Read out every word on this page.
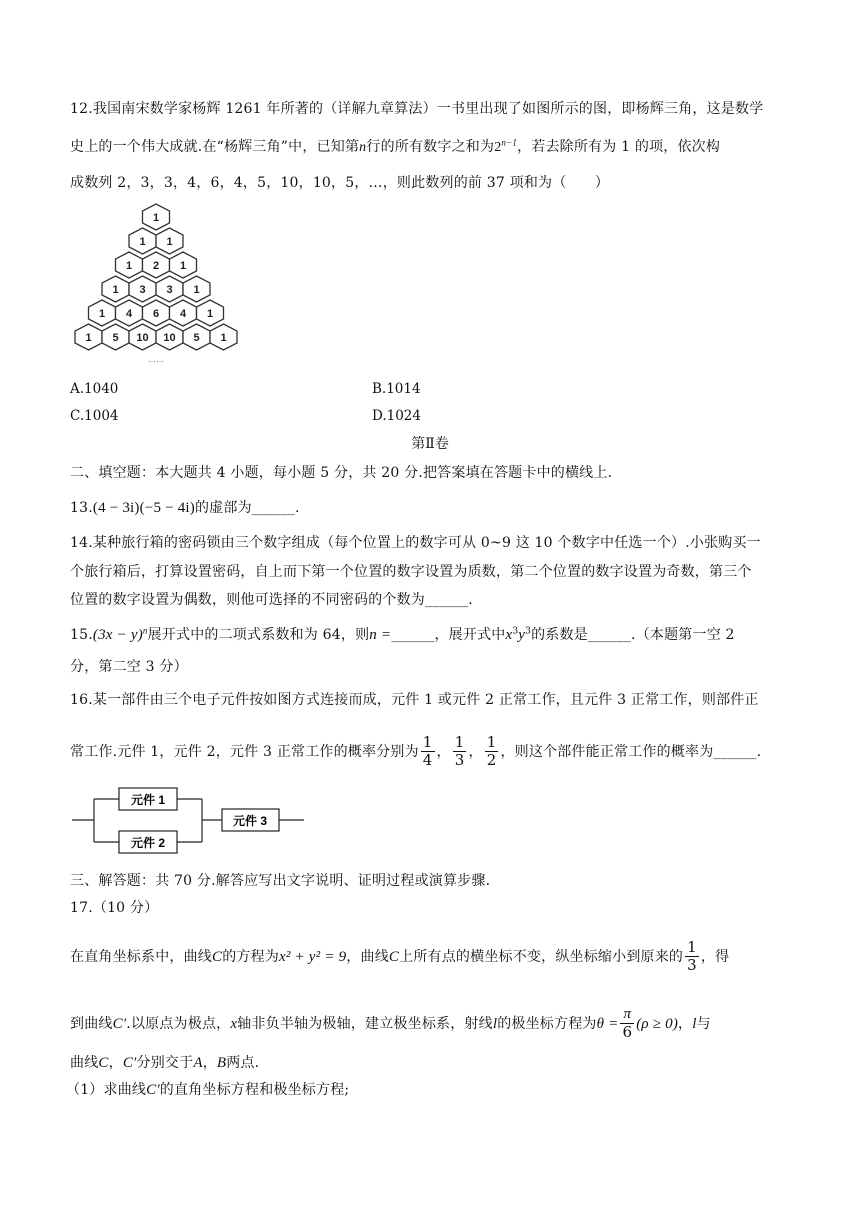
12.我国南宋数学家杨辉 1261 年所著的（详解九章算法）一书里出现了如图所示的图，即杨辉三角，这是数学
史上的一个伟大成就.在“杨辉三角”中，已知第n行的所有数字之和为$2^{n-1}$，若去除所有为 1 的项，依次构
成数列 2，3，3，4，6，4，5，10，10，5，…，则此数列的前 37 项和为（　　）
1
1 1
1 2 1
1 3 3 1
1 4 6 4 1
1 5 10 10 5 1
……
A.1040	B.1014
C.1004	D.1024
第Ⅱ卷
二、填空题：本大题共 4 小题，每小题 5 分，共 20 分.把答案填在答题卡中的横线上.
13.(4 − 3i)(−5 − 4i)的虚部为______.
14.某种旅行箱的密码锁由三个数字组成（每个位置上的数字可从 0~9 这 10 个数字中任选一个）.小张购买一
个旅行箱后，打算设置密码，自上而下第一个位置的数字设置为质数，第二个位置的数字设置为奇数，第三个
位置的数字设置为偶数，则他可选择的不同密码的个数为______.
$15.(3x - y)^n$展开式中的二项式系数和为 64，则n =______，展开式中$x^3y^3$的系数是______.（本题第一空 2
分，第二空 3 分）
16.某一部件由三个电子元件按如图方式连接而成，元件 1 或元件 2 正常工作，且元件 3 正常工作，则部件正
常工作.元件 1，元件 2，元件 3 正常工作的概率分别为 $\frac{1}{4}$ ， $\frac{1}{3}$ ， $\frac{1}{2}$ ，则这个部件能正常工作的概率为______.
元件 1
元件 2
元件 3
三、解答题：共 70 分.解答应写出文字说明、证明过程或演算步骤.
17.（10 分）
在直角坐标系中，曲线C的方程为x² + y² = 9，曲线C上所有点的横坐标不变，纵坐标缩小到原来的 $\frac{1}{3}$ ，得
到曲线C′.以原点为极点，x轴非负半轴为极轴，建立极坐标系，射线l的极坐标方程为$\theta = \frac{\pi}{6} (\rho \ge 0)$，l与
曲线C，C′分别交于A，B两点.
（1）求曲线C′的直角坐标方程和极坐标方程;
